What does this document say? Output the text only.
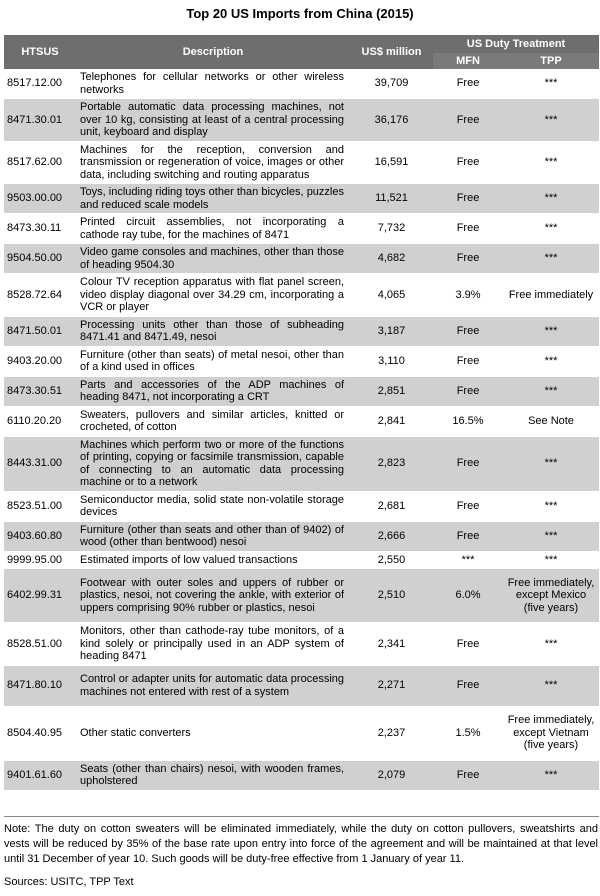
Top 20 US Imports from China (2015)
HTSUS	Description	US$ million	US Duty Treatment	
			MFN	TPP
8517.12.00	Telephones for cellular networks or other wireless networks	39,709	Free	***
8471.30.01	Portable automatic data processing machines, not over 10 kg, consisting at least of a central processing unit, keyboard and display	36,176	Free	***
8517.62.00	Machines for the reception, conversion and transmission or regeneration of voice, images or other data, including switching and routing apparatus	16,591	Free	***
9503.00.00	Toys, including riding toys other than bicycles, puzzles and reduced scale models	11,521	Free	***
8473.30.11	Printed circuit assemblies, not incorporating a cathode ray tube, for the machines of 8471	7,732	Free	***
9504.50.00	Video game consoles and machines, other than those of heading 9504.30	4,682	Free	***
8528.72.64	Colour TV reception apparatus with flat panel screen, video display diagonal over 34.29 cm, incorporating a VCR or player	4,065	3.9%	Free immediately
8471.50.01	Processing units other than those of subheading 8471.41 and 8471.49, nesoi	3,187	Free	***
9403.20.00	Furniture (other than seats) of metal nesoi, other than of a kind used in offices	3,110	Free	***
8473.30.51	Parts and accessories of the ADP machines of heading 8471, not incorporating a CRT	2,851	Free	***
6110.20.20	Sweaters, pullovers and similar articles, knitted or crocheted, of cotton	2,841	16.5%	See Note
8443.31.00	Machines which perform two or more of the functions of printing, copying or facsimile transmission, capable of connecting to an automatic data processing machine or to a network	2,823	Free	***
8523.51.00	Semiconductor media, solid state non-volatile storage devices	2,681	Free	***
9403.60.80	Furniture (other than seats and other than of 9402) of wood (other than bentwood) nesoi	2,666	Free	***
9999.95.00	Estimated imports of low valued transactions	2,550	***	***
6402.99.31	Footwear with outer soles and uppers of rubber or plastics, nesoi, not covering the ankle, with exterior of uppers comprising 90% rubber or plastics, nesoi	2,510	6.0%	Free immediately, except Mexico (five years)
8528.51.00	Monitors, other than cathode-ray tube monitors, of a kind solely or principally used in an ADP system of heading 8471	2,341	Free	***
8471.80.10	Control or adapter units for automatic data processing machines not entered with rest of a system	2,271	Free	***
8504.40.95	Other static converters	2,237	1.5%	Free immediately, except Vietnam (five years)
9401.61.60	Seats (other than chairs) nesoi, with wooden frames, upholstered	2,079	Free	***
Note: The duty on cotton sweaters will be eliminated immediately, while the duty on cotton pullovers, sweatshirts and vests will be reduced by 35% of the base rate upon entry into force of the agreement and will be maintained at that level until 31 December of year 10. Such goods will be duty-free effective from 1 January of year 11.
Sources: USITC, TPP Text
